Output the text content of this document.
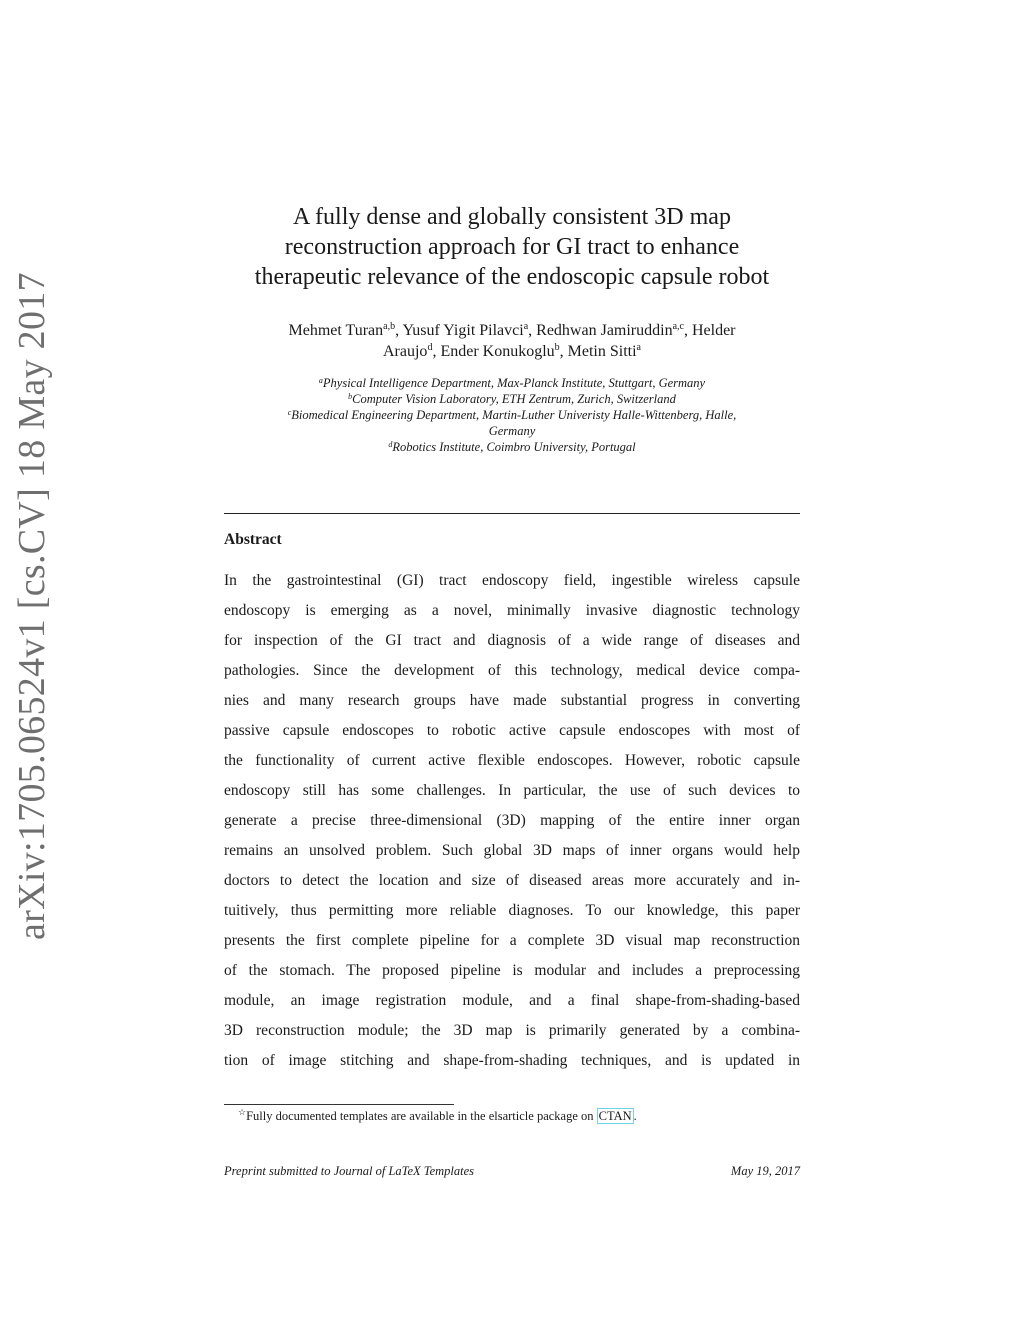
arXiv:1705.06524v1 [cs.CV] 18 May 2017
A fully dense and globally consistent 3D map
reconstruction approach for GI tract to enhance
therapeutic relevance of the endoscopic capsule robot
Mehmet Turan$^{a,b}$, Yusuf Yigit Pilavci$^a$, Redhwan Jamiruddin$^{a,c}$, Helder
Araujo$^d$, Ender Konukoglu$^b$, Metin Sitti$^a$
$^a$Physical Intelligence Department, Max-Planck Institute, Stuttgart, Germany
$^b$Computer Vision Laboratory, ETH Zentrum, Zurich, Switzerland
$^c$Biomedical Engineering Department, Martin-Luther Univeristy Halle-Wittenberg, Halle,
Germany
$^d$Robotics Institute, Coimbro University, Portugal
Abstract
In the gastrointestinal (GI) tract endoscopy field, ingestible wireless capsule
endoscopy is emerging as a novel, minimally invasive diagnostic technology
for inspection of the GI tract and diagnosis of a wide range of diseases and
pathologies. Since the development of this technology, medical device compa-
nies and many research groups have made substantial progress in converting
passive capsule endoscopes to robotic active capsule endoscopes with most of
the functionality of current active flexible endoscopes. However, robotic capsule
endoscopy still has some challenges. In particular, the use of such devices to
generate a precise three-dimensional (3D) mapping of the entire inner organ
remains an unsolved problem. Such global 3D maps of inner organs would help
doctors to detect the location and size of diseased areas more accurately and in-
tuitively, thus permitting more reliable diagnoses. To our knowledge, this paper
presents the first complete pipeline for a complete 3D visual map reconstruction
of the stomach. The proposed pipeline is modular and includes a preprocessing
module, an image registration module, and a final shape-from-shading-based
3D reconstruction module; the 3D map is primarily generated by a combina-
tion of image stitching and shape-from-shading techniques, and is updated in
☆Fully documented templates are available in the elsarticle package on CTAN .
Preprint submitted to Journal of LaTeX Templates	May 19, 2017
